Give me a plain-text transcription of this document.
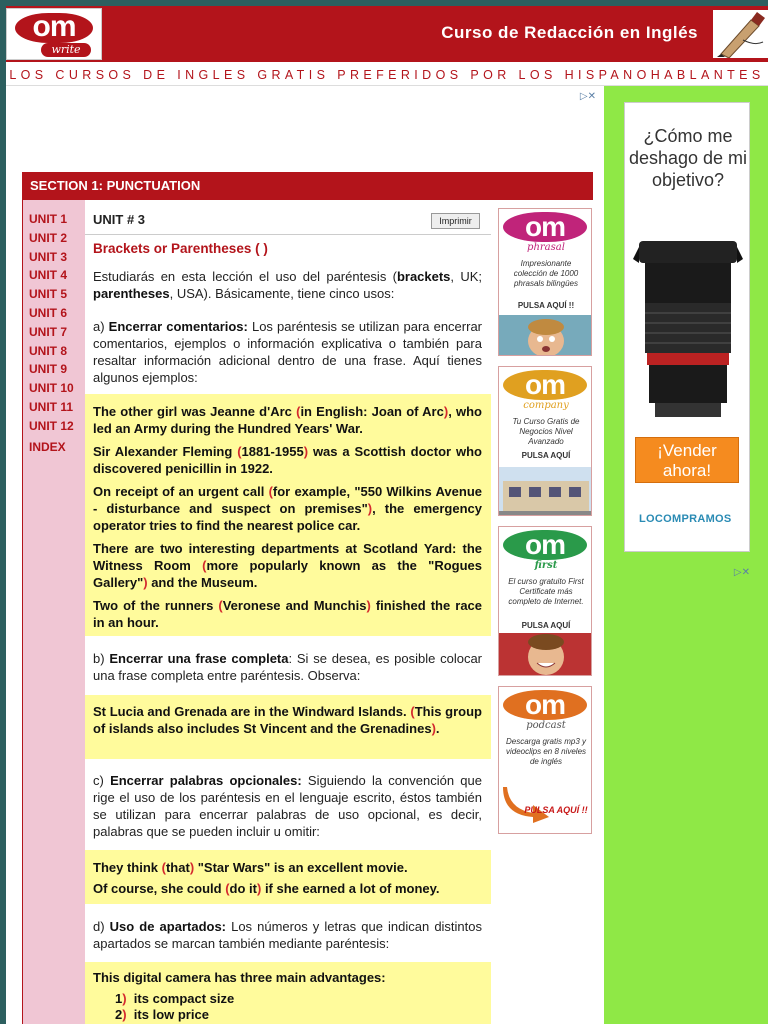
om
write
Curso de Redacción en Inglés
LOS CURSOS DE INGLES GRATIS PREFERIDOS POR LOS HISPANOHABLANTES
▷✕
¿Cómo me deshago de mi objetivo?
¡Vender ahora!
LOCOMPRAMOS
▷✕
SECTION 1: PUNCTUATION
UNIT 1
UNIT 2
UNIT 3
UNIT 4
UNIT 5
UNIT 6
UNIT 7
UNIT 8
UNIT 9
UNIT 10
UNIT 11
UNIT 12
INDEX
UNIT # 3	Imprimir
Brackets or Parentheses ( )
Estudiarás en esta lección el uso del paréntesis (brackets, UK; parentheses, USA). Básicamente, tiene cinco usos:
a) Encerrar comentarios: Los paréntesis se utilizan para encerrar comentarios, ejemplos o información explicativa o también para resaltar información adicional dentro de una frase. Aquí tienes algunos ejemplos:
The other girl was Jeanne d'Arc (in English: Joan of Arc), who led an Army during the Hundred Years' War.
Sir Alexander Fleming (1881-1955) was a Scottish doctor who discovered penicillin in 1922.
On receipt of an urgent call (for example, "550 Wilkins Avenue - disturbance and suspect on premises"), the emergency operator tries to find the nearest police car.
There are two interesting departments at Scotland Yard: the Witness Room (more popularly known as the "Rogues Gallery") and the Museum.
Two of the runners (Veronese and Munchis) finished the race in an hour.
b) Encerrar una frase completa: Si se desea, es posible colocar una frase completa entre paréntesis. Observa:
St Lucia and Grenada are in the Windward Islands. (This group of islands also includes St Vincent and the Grenadines).
c) Encerrar palabras opcionales: Siguiendo la convención que rige el uso de los paréntesis en el lenguaje escrito, éstos también se utilizan para encerrar palabras de uso opcional, es decir, palabras que se pueden incluir u omitir:
They think (that) "Star Wars" is an excellent movie.
Of course, she could (do it) if she earned a lot of money.
d) Uso de apartados: Los números y letras que indican distintos apartados se marcan también mediante paréntesis:
This digital camera has three main advantages:
1)  its compact size
2)  its low price
om
phrasal
Impresionante colección de 1000 phrasals bilingües
PULSA AQUÍ !!
om
company
Tu Curso Gratis de Negocios Nivel Avanzado
PULSA AQUÍ
om
first
El curso gratuito First Certificate más completo de Internet.
PULSA AQUÍ
om
podcast
Descarga gratis mp3 y videoclips en 8 niveles de inglés
PULSA AQUÍ !!
